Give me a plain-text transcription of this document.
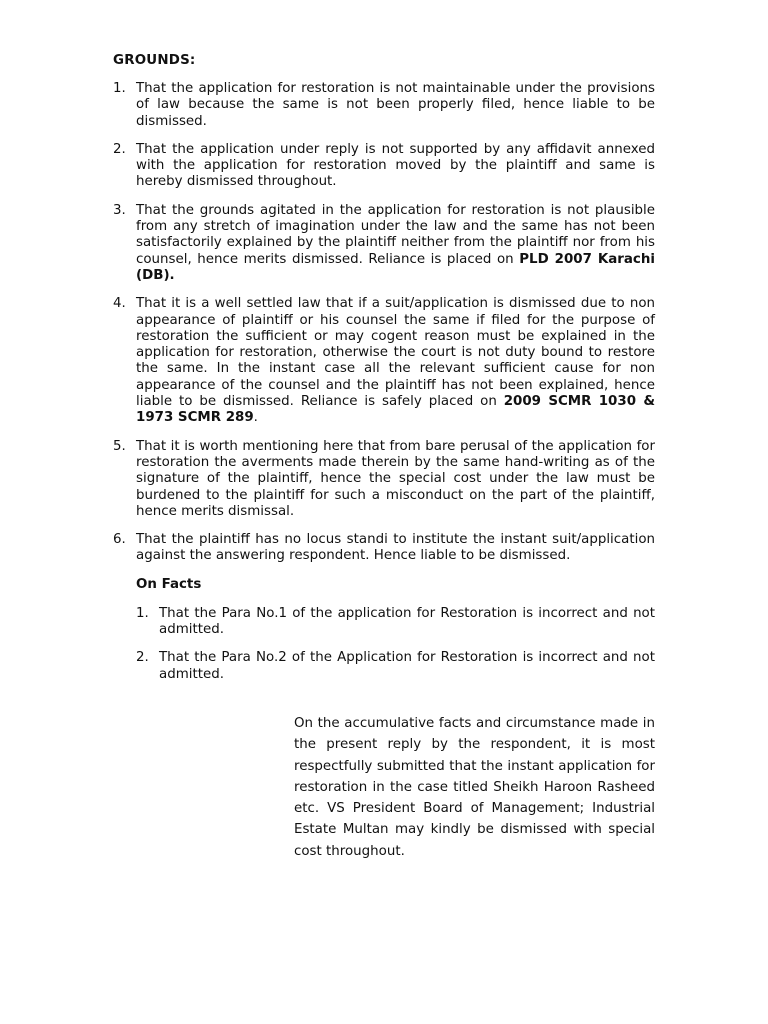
GROUNDS:
1. That the application for restoration is not maintainable under the provisions of law because the same is not been properly filed, hence liable to be dismissed.
2. That the application under reply is not supported by any affidavit annexed with the application for restoration moved by the plaintiff and same is hereby dismissed throughout.
3. That the grounds agitated in the application for restoration is not plausible from any stretch of imagination under the law and the same has not been satisfactorily explained by the plaintiff neither from the plaintiff nor from his counsel, hence merits dismissed. Reliance is placed on PLD 2007 Karachi (DB).
4. That it is a well settled law that if a suit/application is dismissed due to non appearance of plaintiff or his counsel the same if filed for the purpose of restoration the sufficient or may cogent reason must be explained in the application for restoration, otherwise the court is not duty bound to restore the same. In the instant case all the relevant sufficient cause for non appearance of the counsel and the plaintiff has not been explained, hence liable to be dismissed. Reliance is safely placed on 2009 SCMR 1030 & 1973 SCMR 289.
5. That it is worth mentioning here that from bare perusal of the application for restoration the averments made therein by the same hand-writing as of the signature of the plaintiff, hence the special cost under the law must be burdened to the plaintiff for such a misconduct on the part of the plaintiff, hence merits dismissal.
6. That the plaintiff has no locus standi to institute the instant suit/application against the answering respondent. Hence liable to be dismissed.
On Facts
1. That the Para No.1 of the application for Restoration is incorrect and not admitted.
2. That the Para No.2 of the Application for Restoration is incorrect and not admitted.
On the accumulative facts and circumstance made in the present reply by the respondent, it is most respectfully submitted that the instant application for restoration in the case titled Sheikh Haroon Rasheed etc. VS President Board of Management; Industrial Estate Multan may kindly be dismissed with special cost throughout.
